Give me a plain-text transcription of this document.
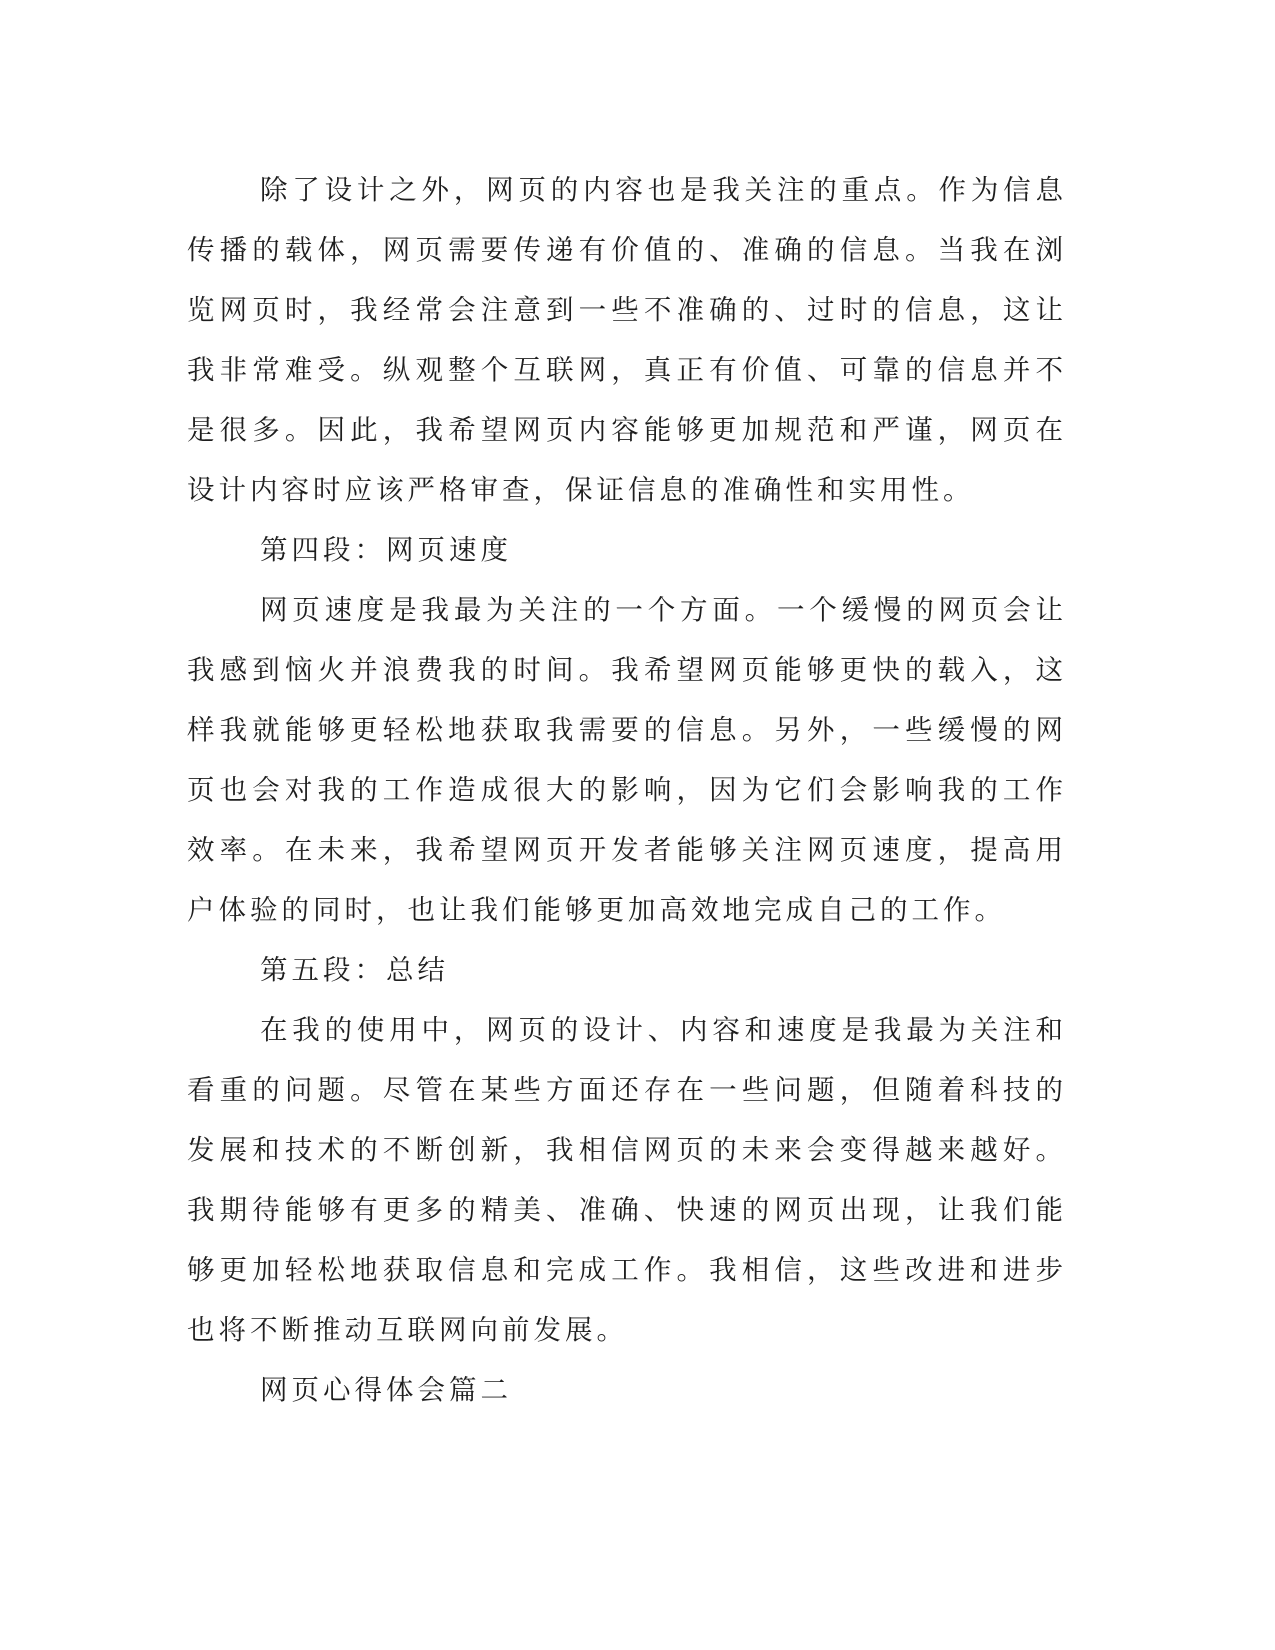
除了设计之外，网页的内容也是我关注的重点。作为信息传播的载体，网页需要传递有价值的、准确的信息。当我在浏览网页时，我经常会注意到一些不准确的、过时的信息，这让我非常难受。纵观整个互联网，真正有价值、可靠的信息并不是很多。因此，我希望网页内容能够更加规范和严谨，网页在设计内容时应该严格审查，保证信息的准确性和实用性。

第四段：网页速度

网页速度是我最为关注的一个方面。一个缓慢的网页会让我感到恼火并浪费我的时间。我希望网页能够更快的载入，这样我就能够更轻松地获取我需要的信息。另外，一些缓慢的网页也会对我的工作造成很大的影响，因为它们会影响我的工作效率。在未来，我希望网页开发者能够关注网页速度，提高用户体验的同时，也让我们能够更加高效地完成自己的工作。

第五段：总结

在我的使用中，网页的设计、内容和速度是我最为关注和看重的问题。尽管在某些方面还存在一些问题，但随着科技的发展和技术的不断创新，我相信网页的未来会变得越来越好。我期待能够有更多的精美、准确、快速的网页出现，让我们能够更加轻松地获取信息和完成工作。我相信，这些改进和进步也将不断推动互联网向前发展。

网页心得体会篇二
